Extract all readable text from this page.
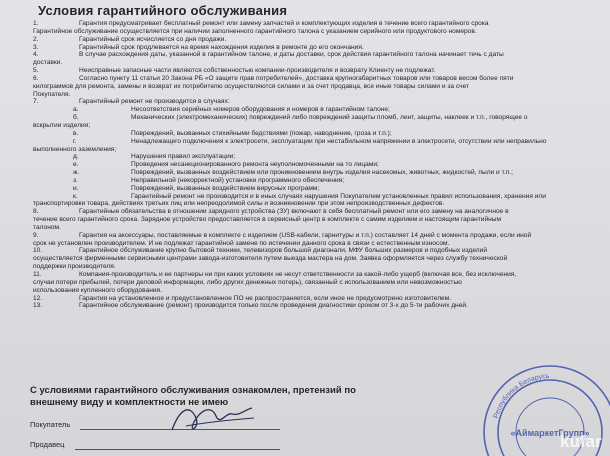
Условия гарантийного обслуживания

1.	Гарантия предусматривает бесплатный ремонт или замену запчастей и комплектующих изделия в течение всего гарантийного срока

Гарантийное обслуживание осуществляется при наличии заполненного гарантийного талона с указанием серийного или продуктового номеров.

2.	Гарантийный срок исчисляется со дня продажи.

3.	Гарантийный срок продлевается на время нахождения изделия в ремонте до его окончания.

4.	В случае расхождения даты, указанной в гарантийном талоне, и даты доставки, срок действия гарантийного талона начинает течь с даты

доставки.

5.	Неисправные запасные части являются собственностью компании-производителя и возврату Клиенту не подлежат.

6.	Согласно пункту 11 статьи 20 Закона РБ «О защите прав потребителей», доставка крупногабаритных товаров или товаров весом более пяти

килограммов для ремонта, замены и возврат их потребителю осуществляются силами и за счет продавца, все иные товары силами и за счет

Покупателя.

7.	Гарантийный ремонт не производится в случаях:

а.	Несоответствия серийных номеров оборудования и номеров в гарантийном талоне;

б.	Механических (электромеханических) повреждений либо повреждений защиты пломб, лент, защиты, наклеек и т.п., говорящее о

вскрытии изделия;

в.	Повреждений, вызванных стихийными бедствиями (пожар, наводнение, гроза и т.п.);

г.	Ненадлежащего подключения к электросети, эксплуатации при нестабильном напряжении в электросети, отсутствии или неправильно

выполненного заземления;

д.	Нарушения правил эксплуатации;

е.	Проведения несанкционированного ремонта неуполномоченными на то лицами;

ж.	Повреждений, вызванных воздействием или проникновением внутрь изделия насекомых, животных, жидкостей, пыли и т.п.;

з.	Неправильной (некорректной) установки программного обеспечения;

и.	Повреждений, вызванных воздействием вирусных программ;

к.	Гарантийный ремонт не производится и в иных случаях нарушения Покупателем установленных правил использования, хранения или

транспортировки товара, действиях третьих лиц или непреодолимой силы и возникновении при этом непроизводственных дефектов.

8.	Гарантийные обязательства в отношении зарядного устройства (ЗУ) включают в себя бесплатный ремонт или его замену на аналогичное в

течение всего гарантийного срока. Зарядное устройство предоставляется в сервисный центр в комплекте с самим изделием и настоящим гарантийным

талоном.

9.	Гарантия на аксессуары, поставляемые в комплекте с изделием (USB-кабели, гарнитуры и т.п.) составляет 14 дней с момента продажи, если иной

срок не установлен производителем. И не подлежат гарантийной замене по истечении данного срока в связи с естественным износом.

10.	Гарантийное обслуживание крупно бытовой техники, телевизоров большой диагонали, МФУ больших размеров и подобных изделий

осуществляется фирменными сервисными центрами завода-изготовителя путем выезда мастера на дом. Заявка оформляется через службу технической

поддержки производителя.

11.	Компания-производитель и ее партнеры ни при каких условиях не несут ответственности за какой-либо ущерб (включая все, без исключения,

случаи потери прибылей, потери деловой информации, либо других денежных потерь), связанный с использованием или невозможностью

использования купленного оборудования.

12.	Гарантия на установленное и предустановленное ПО не распространяется, если иное не предусмотрено изготовителем.

13.	Гарантийное обслуживание (ремонт) производится только после проведения диагностики сроком от 3-х до 5-ти рабочих дней.

С условиями гарантийного обслуживания ознакомлен, претензий по
внешнему виду и комплектности не имею
Покупатель
Продавец
Республика Беларусь
«АймаркетГрупп»
kufar
